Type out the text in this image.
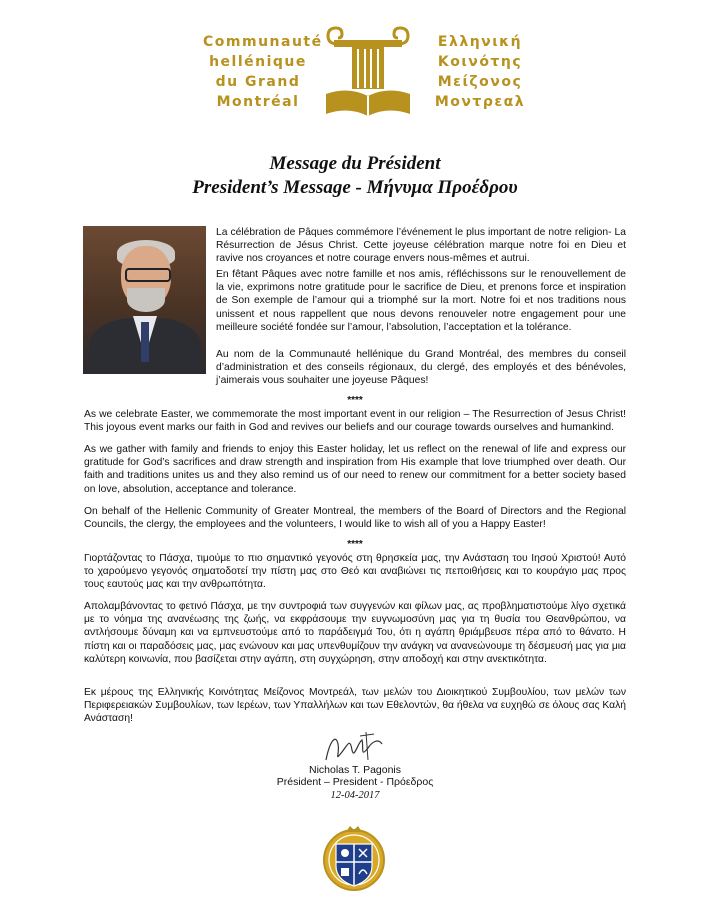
Communauté
hellénique
du Grand
Montréal
Ελληνική
Κοινότης
Μείζονος
Μοντρεαλ
Message du Président
President’s Message - Μήνυμα Προέδρου

La célébration de Pâques commémore l’événement le plus important de notre religion- La Résurrection de Jésus Christ. Cette joyeuse célébration marque notre foi en Dieu et ravive nos croyances et notre courage envers nous-mêmes et autrui.

En fêtant Pâques avec notre famille et nos amis, réfléchissons sur le renouvellement de la vie, exprimons notre gratitude pour le sacrifice de Dieu, et prenons force et inspiration de Son exemple de l’amour qui a triomphé sur la mort. Notre foi et nos traditions nous unissent et nous rappellent que nous devons renouveler notre engagement pour une meilleure société fondée sur l’amour, l’absolution, l’acceptation et la tolérance.

Au nom de la Communauté hellénique du Grand Montréal, des membres du conseil d’administration et des conseils régionaux, du clergé, des employés et des bénévoles, j’aimerais vous souhaiter une joyeuse Pâques!

****

As we celebrate Easter, we commemorate the most important event in our religion – The Resurrection of Jesus Christ! This joyous event marks our faith in God and revives our beliefs and our courage towards ourselves and humankind.

As we gather with family and friends to enjoy this Easter holiday, let us reflect on the renewal of life and express our gratitude for God’s sacrifices and draw strength and inspiration from His example that love triumphed over death. Our faith and traditions unites us and they also remind us of our need to renew our commitment for a better society based on love, absolution, acceptance and tolerance.

On behalf of the Hellenic Community of Greater Montreal, the members of the Board of Directors and the Regional Councils, the clergy, the employees and the volunteers, I would like to wish all of you a Happy Easter!

****

Γιορτάζοντας το Πάσχα, τιμούμε το πιο σημαντικό γεγονός στη θρησκεία μας, την Ανάσταση του Ιησού Χριστού! Αυτό το χαρούμενο γεγονός σηματοδοτεί την πίστη μας στο Θεό και αναβιώνει τις πεποιθήσεις και το κουράγιο μας προς τους εαυτούς μας και την ανθρωπότητα.

Απολαμβάνοντας το φετινό Πάσχα, με την συντροφιά των συγγενών και φίλων μας, ας προβληματιστούμε λίγο σχετικά με το νόημα της ανανέωσης της ζωής, να εκφράσουμε την ευγνωμοσύνη μας για τη θυσία του Θεανθρώπου, να αντλήσουμε δύναμη και να εμπνευστούμε από το παράδειγμά Του, ότι η αγάπη θριάμβευσε πέρα από το θάνατο. Η πίστη και οι παραδόσεις μας, μας ενώνουν και μας υπενθυμίζουν την ανάγκη να ανανεώνουμε τη δέσμευσή μας για μια καλύτερη κοινωνία, που βασίζεται στην αγάπη, στη συγχώρηση, στην αποδοχή και στην ανεκτικότητα.

Εκ μέρους της Ελληνικής Κοινότητας Μείζονος Μοντρεάλ, των μελών του Διοικητικού Συμβουλίου, των μελών των Περιφερειακών Συμβουλίων, των Ιερέων, των Υπαλλήλων και των Εθελοντών, θα ήθελα να ευχηθώ σε όλους σας Καλή Ανάσταση!

Nicholas T. Pagonis
Président – President - Πρόεδρος
12-04-2017
